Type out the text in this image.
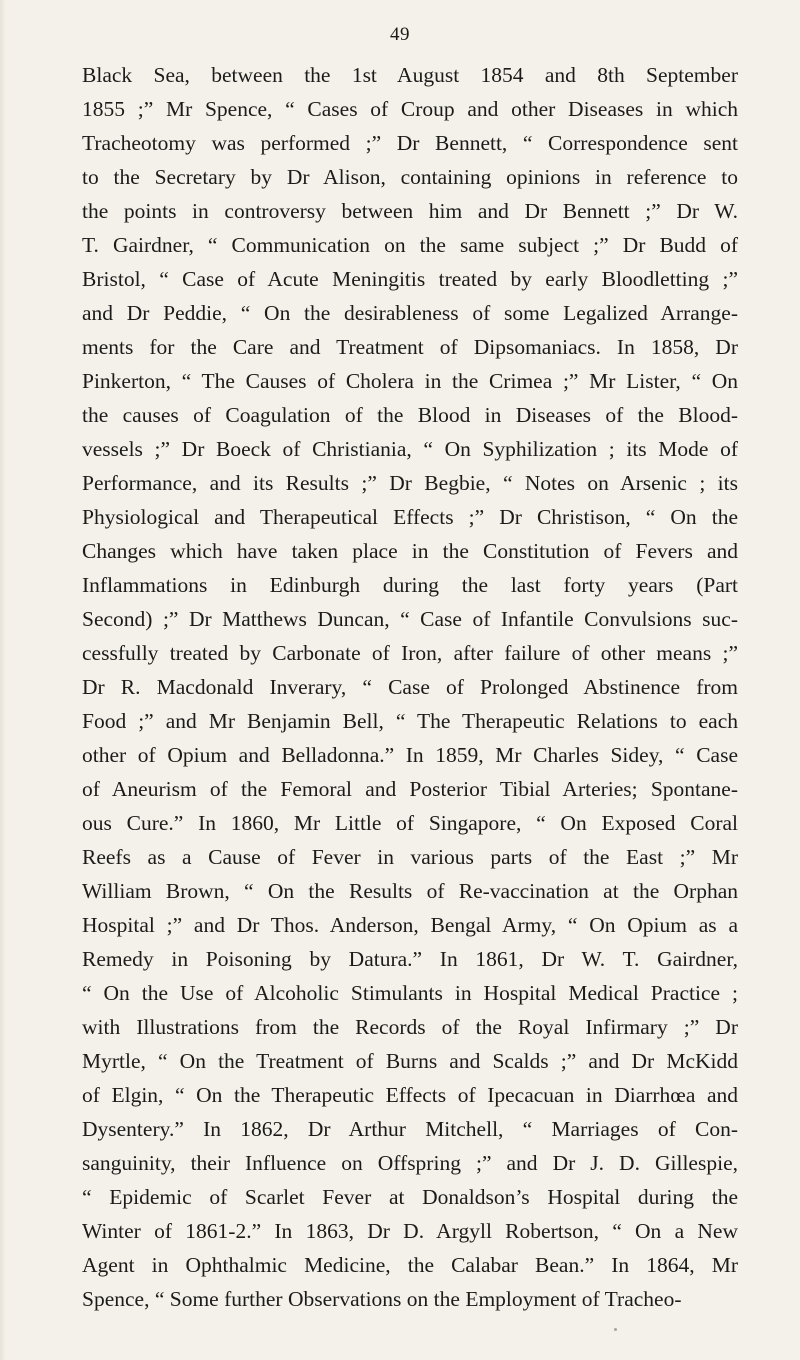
49
Black Sea, between the 1st August 1854 and 8th September
1855 ;” Mr Spence, “ Cases of Croup and other Diseases in which
Tracheotomy was performed ;” Dr Bennett, “ Correspondence sent
to the Secretary by Dr Alison, containing opinions in reference to
the points in controversy between him and Dr Bennett ;” Dr W.
T. Gairdner, “ Communication on the same subject ;” Dr Budd of
Bristol, “ Case of Acute Meningitis treated by early Bloodletting ;”
and Dr Peddie, “ On the desirableness of some Legalized Arrange-
ments for the Care and Treatment of Dipsomaniacs. In 1858, Dr
Pinkerton, “ The Causes of Cholera in the Crimea ;” Mr Lister, “ On
the causes of Coagulation of the Blood in Diseases of the Blood-
vessels ;” Dr Boeck of Christiania, “ On Syphilization ; its Mode of
Performance, and its Results ;” Dr Begbie, “ Notes on Arsenic ; its
Physiological and Therapeutical Effects ;” Dr Christison, “ On the
Changes which have taken place in the Constitution of Fevers and
Inflammations in Edinburgh during the last forty years (Part
Second) ;” Dr Matthews Duncan, “ Case of Infantile Convulsions suc-
cessfully treated by Carbonate of Iron, after failure of other means ;”
Dr R. Macdonald Inverary, “ Case of Prolonged Abstinence from
Food ;” and Mr Benjamin Bell, “ The Therapeutic Relations to each
other of Opium and Belladonna.” In 1859, Mr Charles Sidey, “ Case
of Aneurism of the Femoral and Posterior Tibial Arteries; Spontane-
ous Cure.” In 1860, Mr Little of Singapore, “ On Exposed Coral
Reefs as a Cause of Fever in various parts of the East ;” Mr
William Brown, “ On the Results of Re-vaccination at the Orphan
Hospital ;” and Dr Thos. Anderson, Bengal Army, “ On Opium as a
Remedy in Poisoning by Datura.” In 1861, Dr W. T. Gairdner,
“ On the Use of Alcoholic Stimulants in Hospital Medical Practice ;
with Illustrations from the Records of the Royal Infirmary ;” Dr
Myrtle, “ On the Treatment of Burns and Scalds ;” and Dr McKidd
of Elgin, “ On the Therapeutic Effects of Ipecacuan in Diarrhœa and
Dysentery.” In 1862, Dr Arthur Mitchell, “ Marriages of Con-
sanguinity, their Influence on Offspring ;” and Dr J. D. Gillespie,
“ Epidemic of Scarlet Fever at Donaldson’s Hospital during the
Winter of 1861-2.” In 1863, Dr D. Argyll Robertson, “ On a New
Agent in Ophthalmic Medicine, the Calabar Bean.” In 1864, Mr
Spence, “ Some further Observations on the Employment of Tracheo-
